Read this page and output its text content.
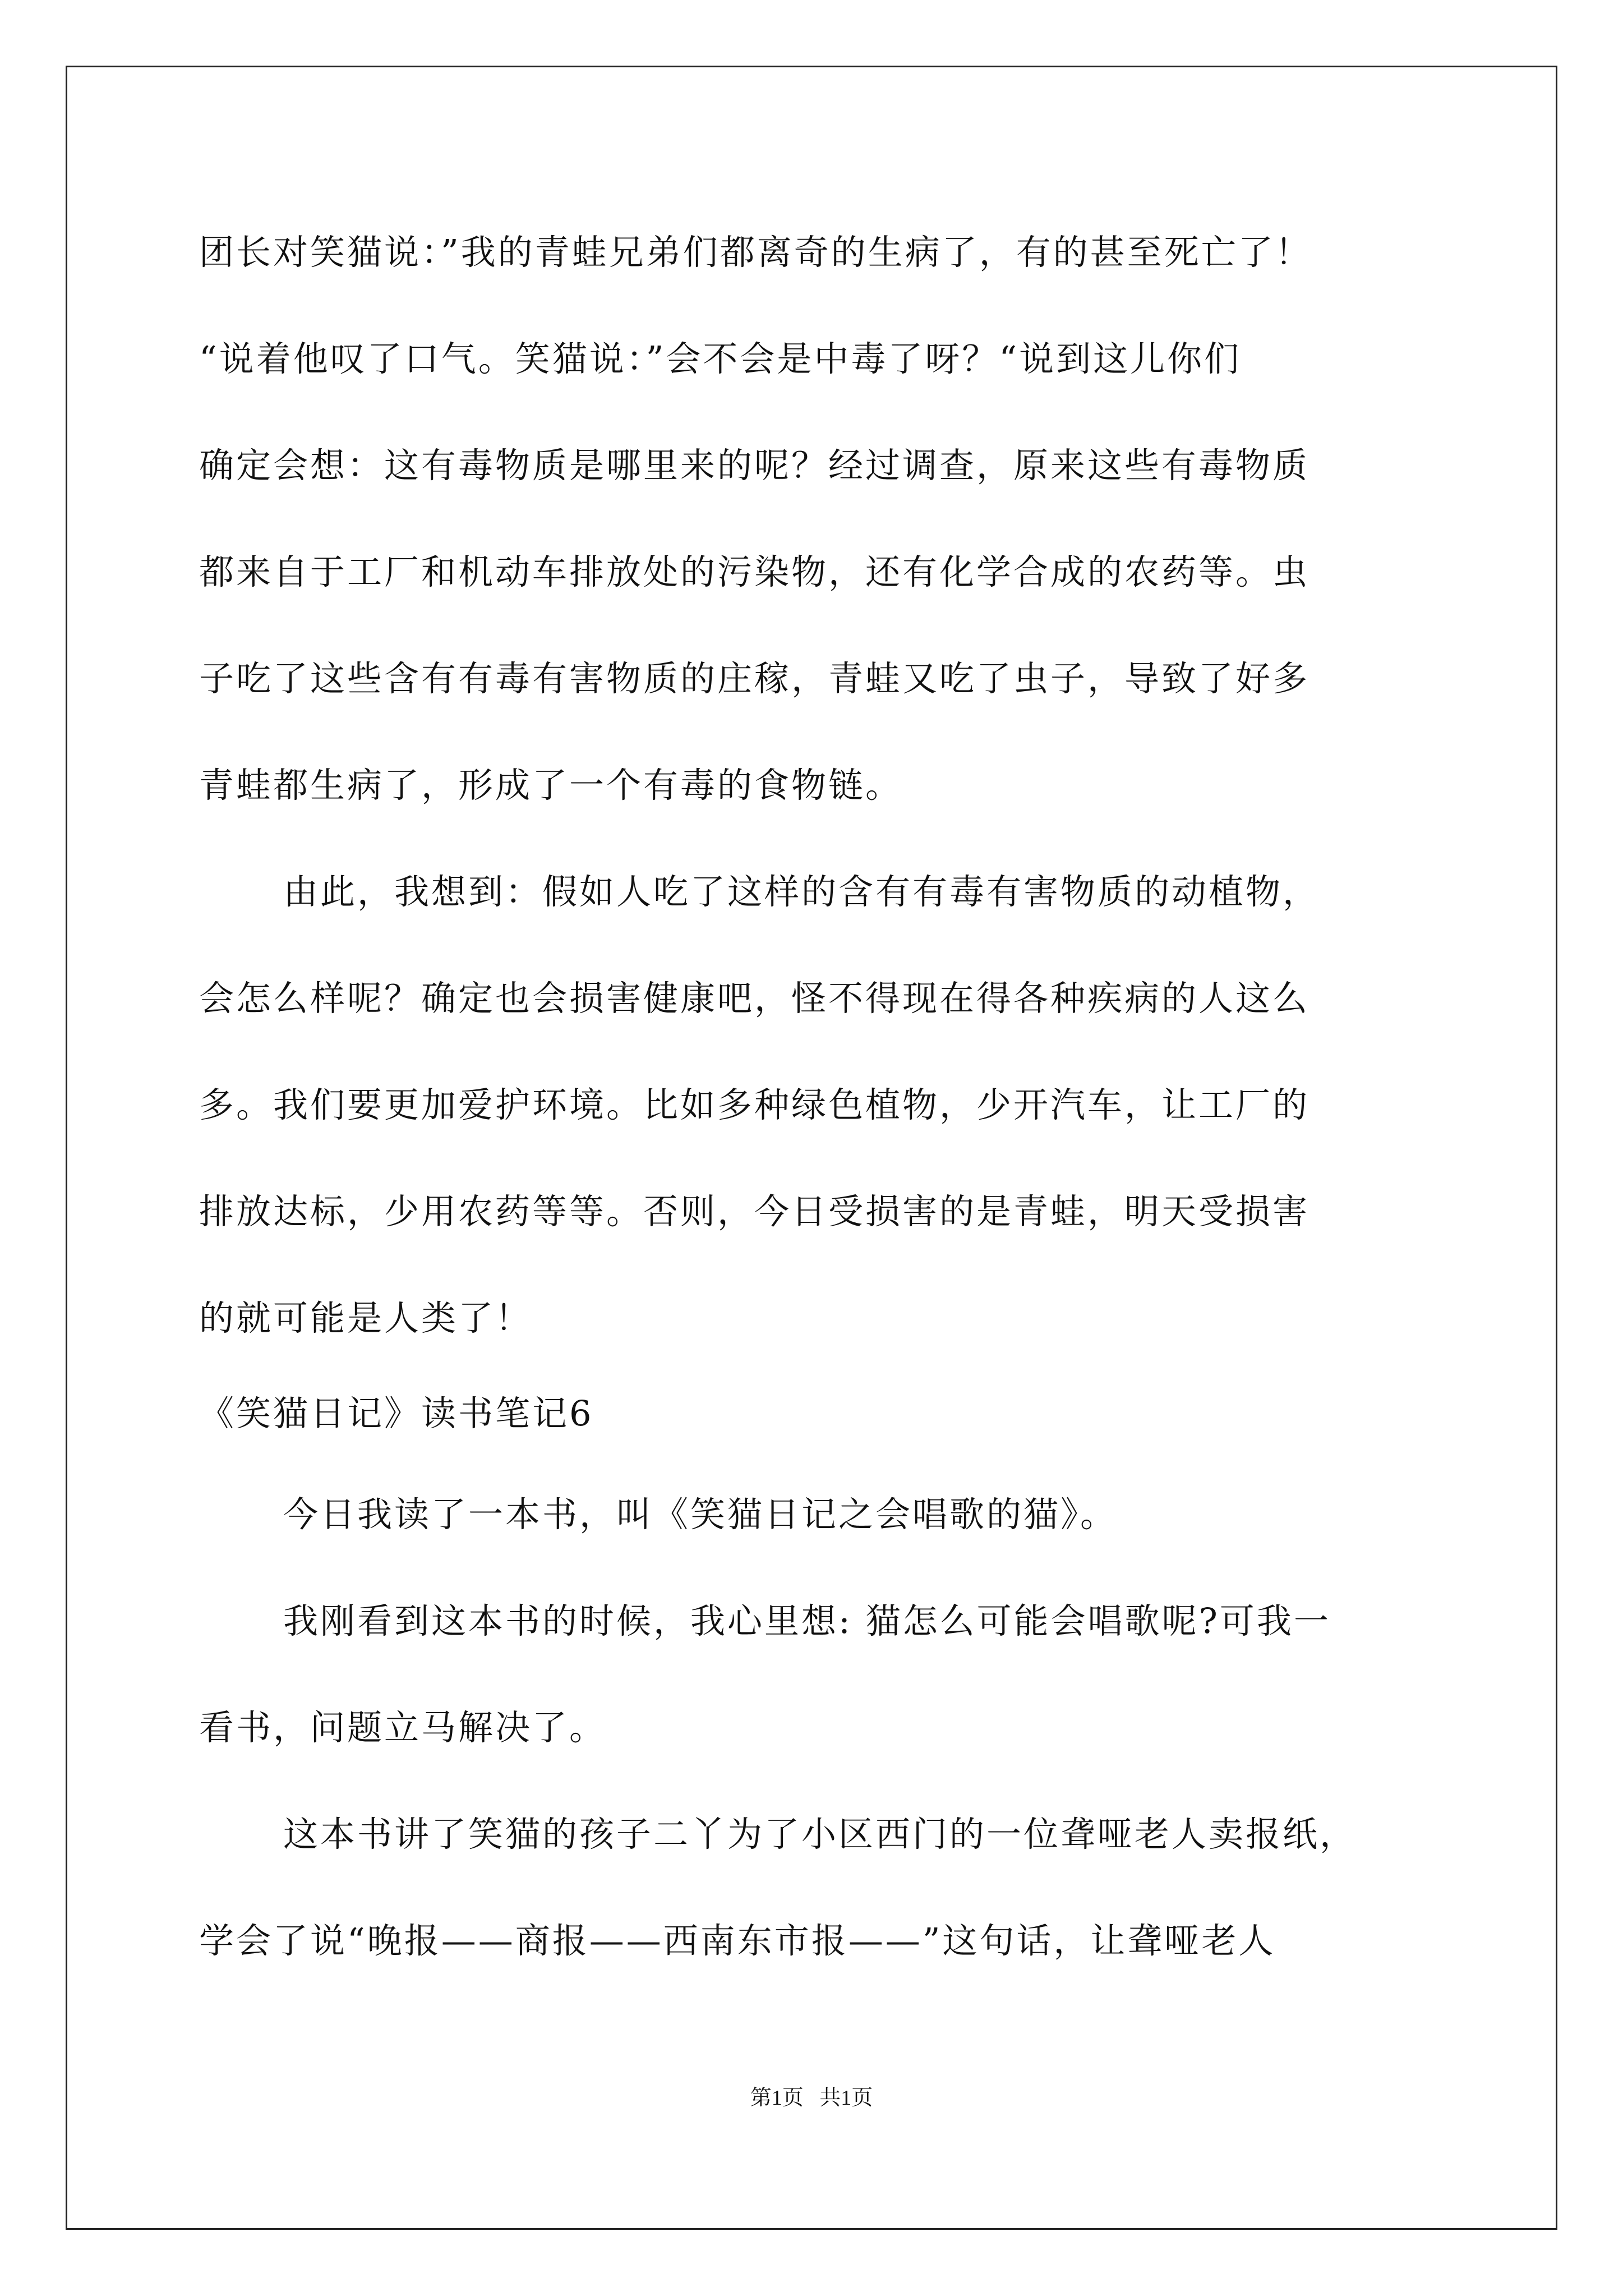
团长对笑猫说：”我的青蛙兄弟们都离奇的生病了，有的甚至死亡了！
“说着他叹了口气。笑猫说：”会不会是中毒了呀？“说到这儿你们
确定会想：这有毒物质是哪里来的呢？经过调查，原来这些有毒物质
都来自于工厂和机动车排放处的污染物，还有化学合成的农药等。虫
子吃了这些含有有毒有害物质的庄稼，青蛙又吃了虫子，导致了好多
青蛙都生病了，形成了一个有毒的食物链。
由此，我想到：假如人吃了这样的含有有毒有害物质的动植物，
会怎么样呢？确定也会损害健康吧，怪不得现在得各种疾病的人这么
多。我们要更加爱护环境。比如多种绿色植物，少开汽车，让工厂的
排放达标，少用农药等等。否则，今日受损害的是青蛙，明天受损害
的就可能是人类了！
《笑猫日记》读书笔记6
今日我读了一本书，叫《笑猫日记之会唱歌的猫》。
我刚看到这本书的时候，我心里想: 猫怎么可能会唱歌呢?可我一
看书，问题立马解决了。
这本书讲了笑猫的孩子二丫为了小区西门的一位聋哑老人卖报纸，
学会了说“晚报——商报——西南东市报——”这句话，让聋哑老人
第1页   共1页
